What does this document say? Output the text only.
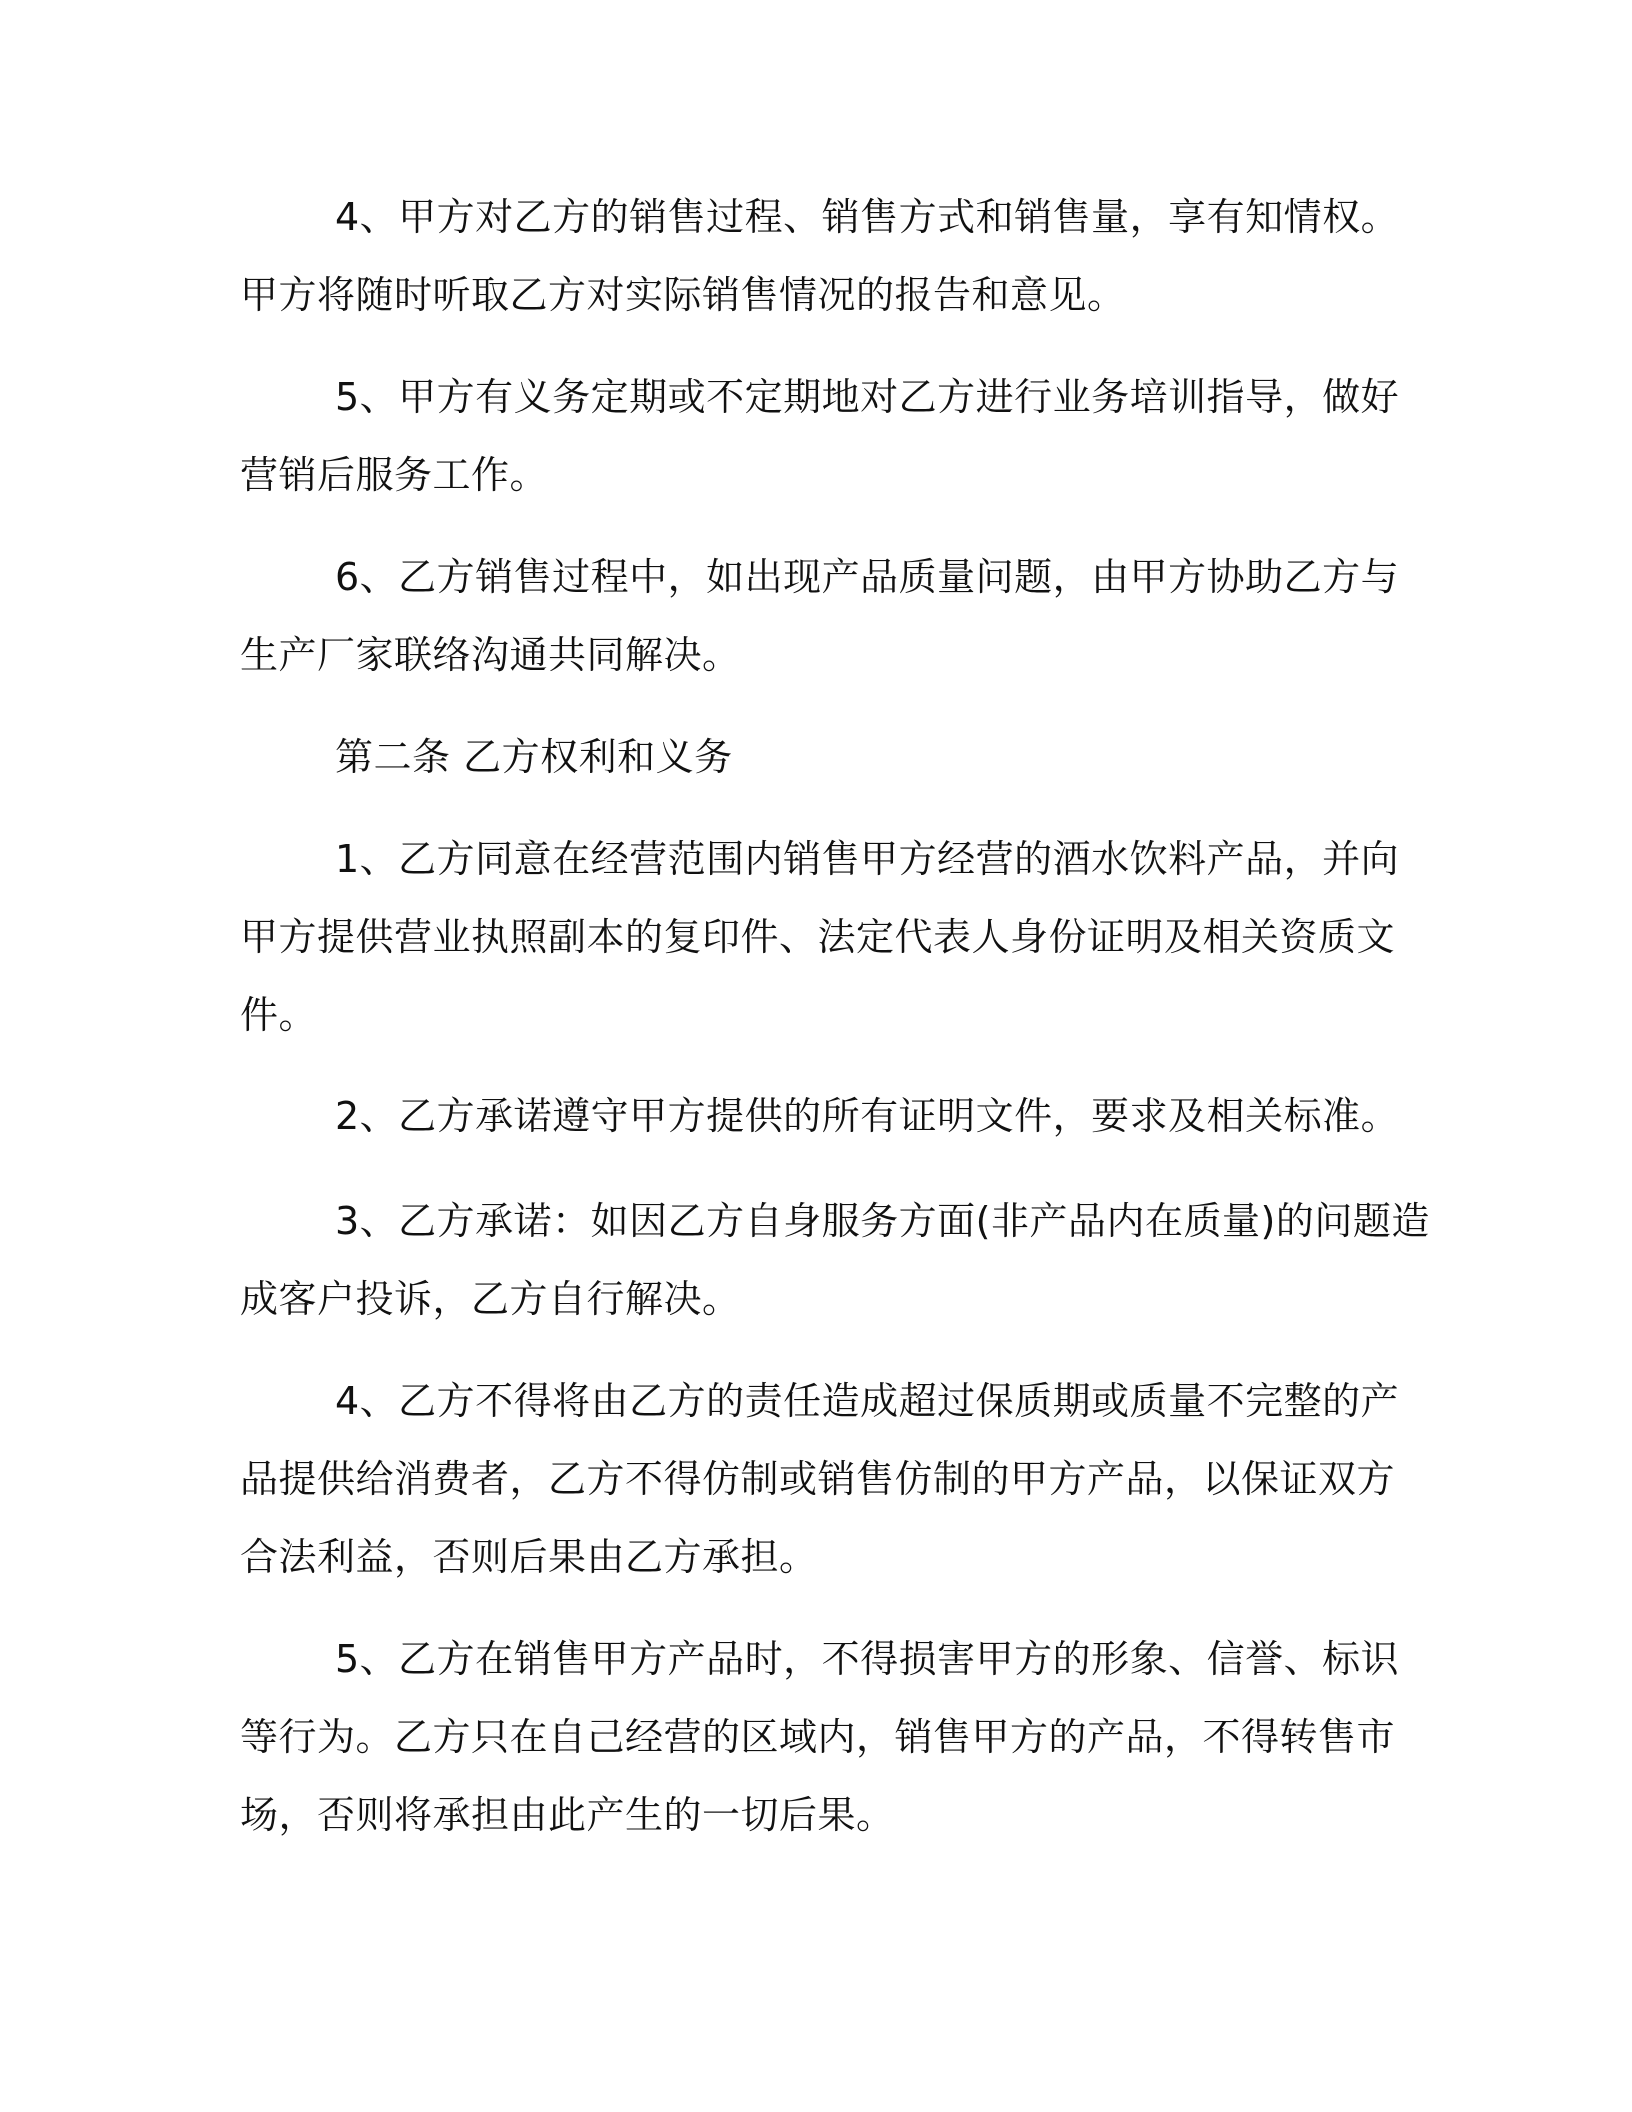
4、甲方对乙方的销售过程、销售方式和销售量，享有知情权。
甲方将随时听取乙方对实际销售情况的报告和意见。
5、甲方有义务定期或不定期地对乙方进行业务培训指导，做好
营销后服务工作。
6、乙方销售过程中，如出现产品质量问题，由甲方协助乙方与
生产厂家联络沟通共同解决。
第二条 乙方权利和义务
1、乙方同意在经营范围内销售甲方经营的酒水饮料产品，并向
甲方提供营业执照副本的复印件、法定代表人身份证明及相关资质文
件。
2、乙方承诺遵守甲方提供的所有证明文件，要求及相关标准。
3、乙方承诺：如因乙方自身服务方面(非产品内在质量)的问题造
成客户投诉，乙方自行解决。
4、乙方不得将由乙方的责任造成超过保质期或质量不完整的产
品提供给消费者，乙方不得仿制或销售仿制的甲方产品，以保证双方
合法利益，否则后果由乙方承担。
5、乙方在销售甲方产品时，不得损害甲方的形象、信誉、标识
等行为。乙方只在自己经营的区域内，销售甲方的产品，不得转售市
场，否则将承担由此产生的一切后果。
